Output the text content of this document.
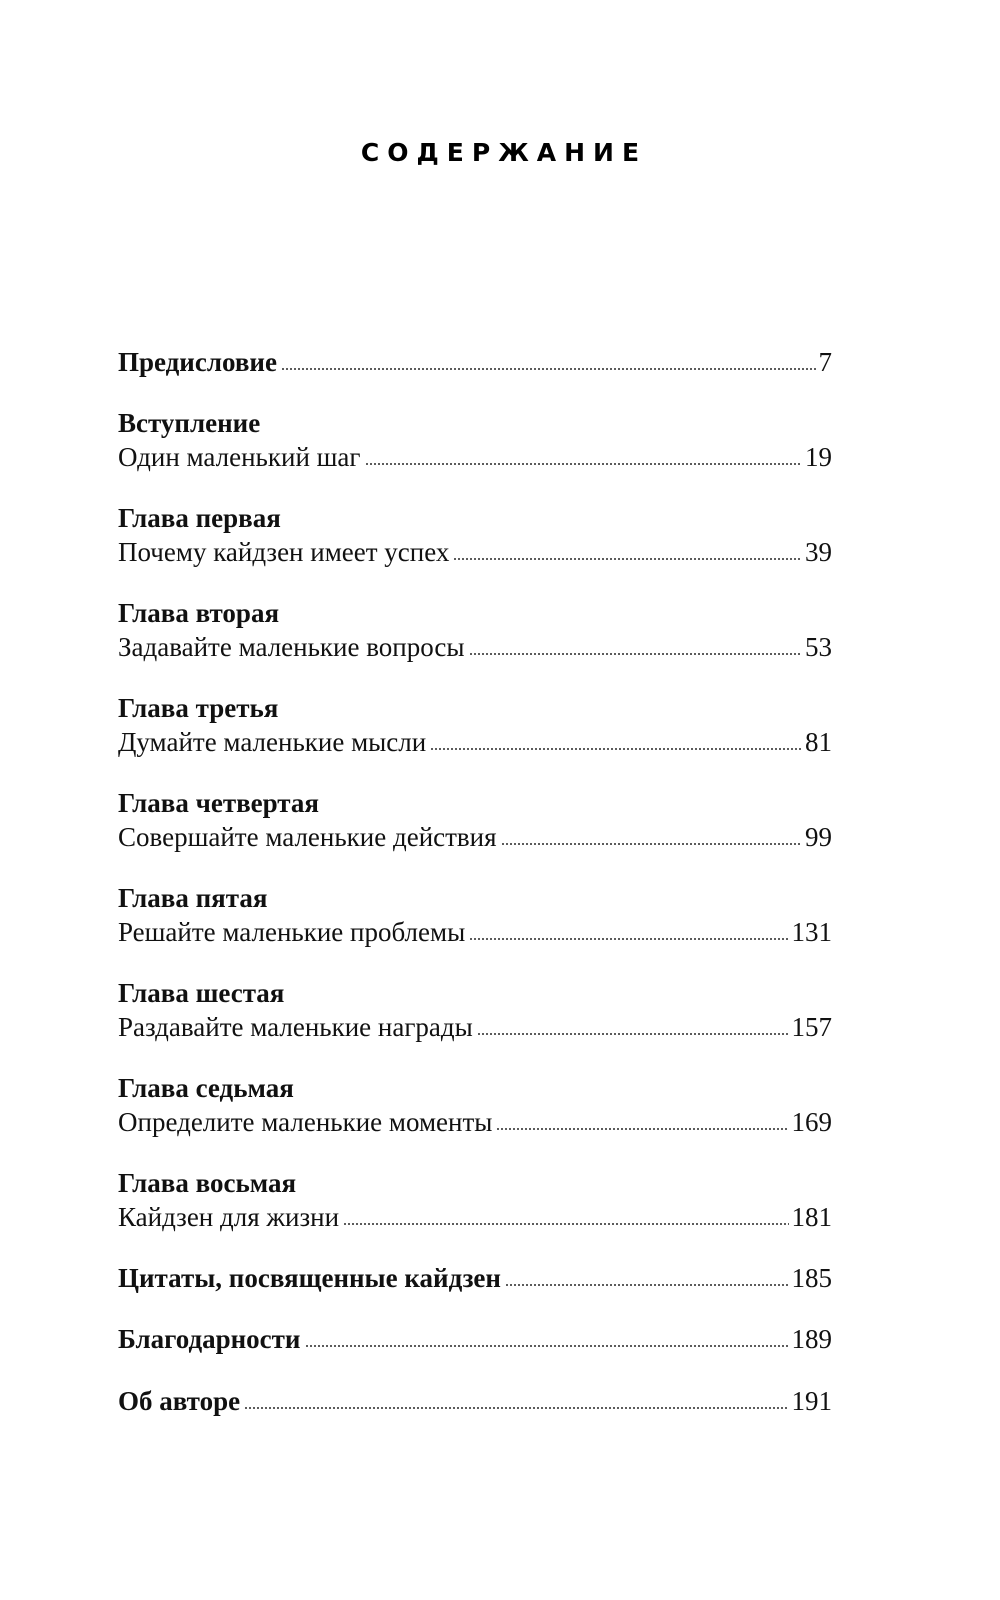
СОДЕРЖАНИЕ
Предисловие	7
Вступление
Один маленький шаг	19
Глава первая
Почему кайдзен имеет успех	39
Глава вторая
Задавайте маленькие вопросы	53
Глава третья
Думайте маленькие мысли	81
Глава четвертая
Совершайте маленькие действия	99
Глава пятая
Решайте маленькие проблемы	131
Глава шестая
Раздавайте маленькие награды	157
Глава седьмая
Определите маленькие моменты	169
Глава восьмая
Кайдзен для жизни	181
Цитаты, посвященные кайдзен	185
Благодарности	189
Об авторе	191
